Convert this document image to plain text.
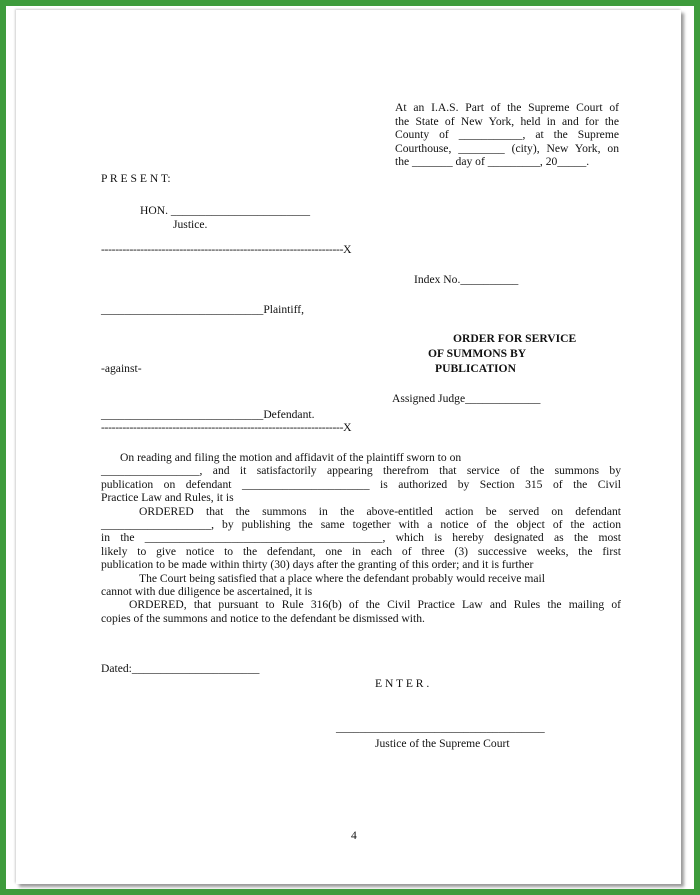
At an I.A.S. Part of the Supreme Court of
the State of New York, held in and for the
County of ___________, at the Supreme
Courthouse, ________ (city), New York, on
the _______ day of _________, 20_____.
P R E S E N T:
HON. ________________________
Justice.
--------------------------------------------------------------------X
Index No.__________
____________________________Plaintiff,
ORDER FOR SERVICE
OF SUMMONS BY
PUBLICATION
-against-
Assigned Judge_____________
____________________________Defendant.
--------------------------------------------------------------------X
On reading and filing the motion and affidavit of the plaintiff sworn to on
_________________, and it satisfactorily appearing therefrom that service of the summons by
publication on defendant ______________________ is authorized by Section 315 of the Civil
Practice Law and Rules, it is
ORDERED that the summons in the above-entitled action be served on defendant
___________________, by publishing the same together with a notice of the object of the action
in the _________________________________________, which is hereby designated as the most
likely to give notice to the defendant, one in each of three (3) successive weeks, the first
publication to be made within thirty (30) days after the granting of this order; and it is further
The Court being satisfied that a place where the defendant probably would receive mail
cannot with due diligence be ascertained, it is
ORDERED, that pursuant to Rule 316(b) of the Civil Practice Law and Rules the mailing of
copies of the summons and notice to the defendant be dismissed with.
Dated:______________________
E N T E R .
____________________________________
Justice of the Supreme Court
4
